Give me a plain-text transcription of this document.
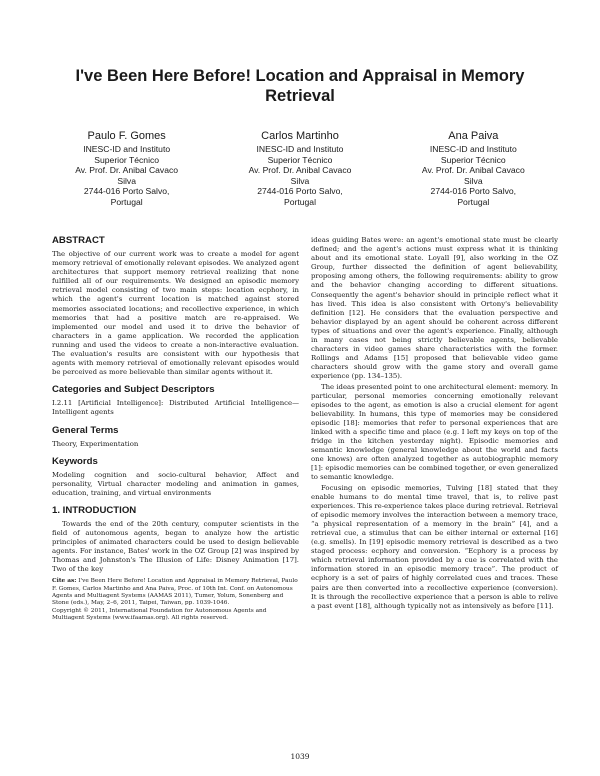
I've Been Here Before! Location and Appraisal in Memory Retrieval
Paulo F. Gomes
INESC-ID and Instituto
Superior Técnico
Av. Prof. Dr. Anibal Cavaco
Silva
2744-016 Porto Salvo,
Portugal
Carlos Martinho
INESC-ID and Instituto
Superior Técnico
Av. Prof. Dr. Anibal Cavaco
Silva
2744-016 Porto Salvo,
Portugal
Ana Paiva
INESC-ID and Instituto
Superior Técnico
Av. Prof. Dr. Anibal Cavaco
Silva
2744-016 Porto Salvo,
Portugal
ABSTRACT

The objective of our current work was to create a model for agent memory retrieval of emotionally relevant episodes. We analyzed agent architectures that support memory retrieval realizing that none fulfilled all of our requirements. We designed an episodic memory retrieval model consisting of two main steps: location ecphory, in which the agent's current location is matched against stored memories associated locations; and recollective experience, in which memories that had a positive match are re-appraised. We implemented our model and used it to drive the behavior of characters in a game application. We recorded the application running and used the videos to create a non-interactive evaluation. The evaluation's results are consistent with our hypothesis that agents with memory retrieval of emotionally relevant episodes would be perceived as more believable than similar agents without it.

Categories and Subject Descriptors

I.2.11 [Artificial Intelligence]: Distributed Artificial Intelligence—Intelligent agents

General Terms

Theory, Experimentation

Keywords

Modeling cognition and socio-cultural behavior, Affect and personality, Virtual character modeling and animation in games, education, training, and virtual environments

1. INTRODUCTION

Towards the end of the 20th century, computer scientists in the field of autonomous agents, began to analyze how the artistic principles of animated characters could be used to design believable agents. For instance, Bates' work in the OZ Group [2] was inspired by Thomas and Johnston's The Illusion of Life: Disney Animation [17]. Two of the key

Cite as: I've Been Here Before! Location and Appraisal in Memory Retrieval, Paulo F. Gomes, Carlos Martinho and Ana Paiva, Proc. of 10th Int. Conf. on Autonomous Agents and Multiagent Systems (AAMAS 2011), Tumer, Yolum, Sonenberg and Stone (eds.), May, 2–6, 2011, Taipei, Taiwan, pp. 1039-1046.
Copyright © 2011, International Foundation for Autonomous Agents and Multiagent Systems (www.ifaamas.org). All rights reserved.

ideas guiding Bates were: an agent's emotional state must be clearly defined; and the agent's actions must express what it is thinking about and its emotional state. Loyall [9], also working in the OZ Group, further dissected the definition of agent believability, proposing among others, the following requirements: ability to grow and the behavior changing according to different situations. Consequently the agent's behavior should in principle reflect what it has lived. This idea is also consistent with Ortony's believability definition [12]. He considers that the evaluation perspective and behavior displayed by an agent should be coherent across different types of situations and over the agent's experience. Finally, although in many cases not being strictly believable agents, believable characters in video games share characteristics with the former. Rollings and Adams [15] proposed that believable video game characters should grow with the game story and overall game experience (pp. 134–135).

The ideas presented point to one architectural element: memory. In particular, personal memories concerning emotionally relevant episodes to the agent, as emotion is also a crucial element for agent believability. In humans, this type of memories may be considered episodic [18]: memories that refer to personal experiences that are linked with a specific time and place (e.g. I left my keys on top of the fridge in the kitchen yesterday night). Episodic memories and semantic knowledge (general knowledge about the world and facts one knows) are often analyzed together as autobiographic memory [1]: episodic memories can be combined together, or even generalized to semantic knowledge.

Focusing on episodic memories, Tulving [18] stated that they enable humans to do mental time travel, that is, to relive past experiences. This re-experience takes place during retrieval. Retrieval of episodic memory involves the interaction between a memory trace, “a physical representation of a memory in the brain” [4], and a retrieval cue, a stimulus that can be either internal or external [16] (e.g. smells). In [19] episodic memory retrieval is described as a two staged process: ecphory and conversion. “Ecphory is a process by which retrieval information provided by a cue is correlated with the information stored in an episodic memory trace”. The product of ecphory is a set of pairs of highly correlated cues and traces. These pairs are then converted into a recollective experience (conversion). It is through the recollective experience that a person is able to relive a past event [18], although typically not as intensively as before [11].

1039
